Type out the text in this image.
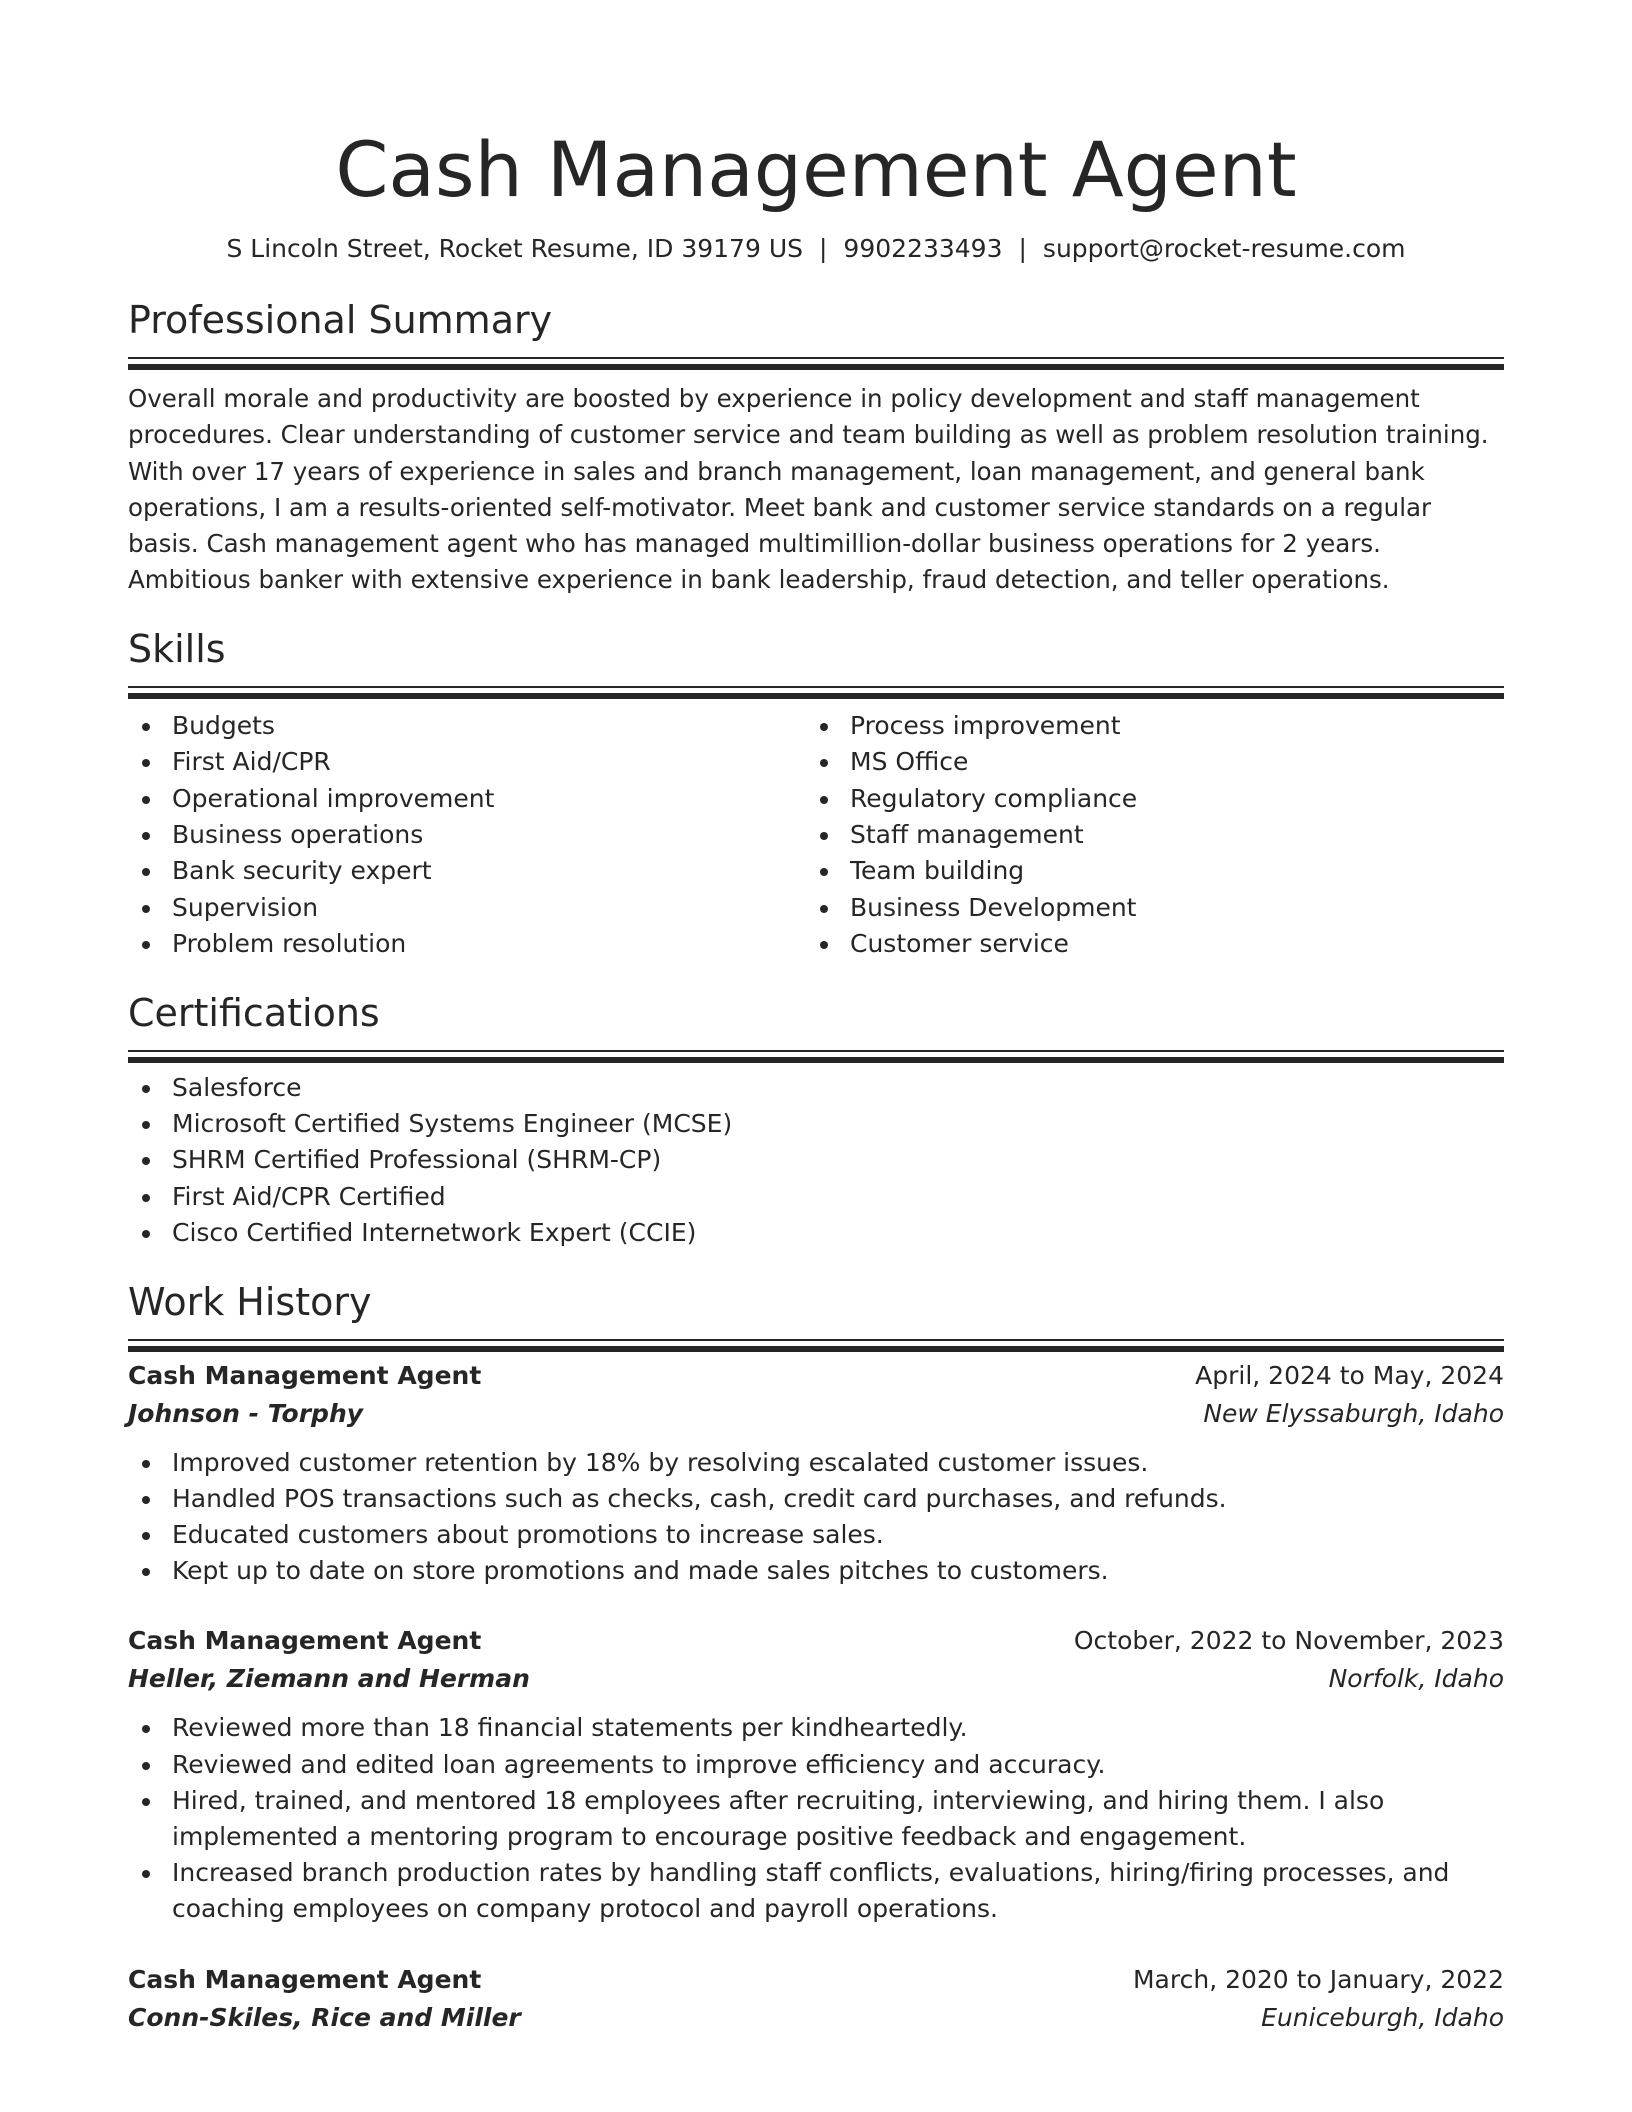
Cash Management Agent
S Lincoln Street, Rocket Resume, ID 39179 US | 9902233493 | support@rocket-resume.com
Professional Summary

Overall morale and productivity are boosted by experience in policy development and staff management procedures. Clear understanding of customer service and team building as well as problem resolution training. With over 17 years of experience in sales and branch management, loan management, and general bank operations, I am a results-oriented self-motivator. Meet bank and customer service standards on a regular basis. Cash management agent who has managed multimillion-dollar business operations for 2 years. Ambitious banker with extensive experience in bank leadership, fraud detection, and teller operations.

Skills
Budgets
First Aid/CPR
Operational improvement
Business operations
Bank security expert
Supervision
Problem resolution
Process improvement
MS Office
Regulatory compliance
Staff management
Team building
Business Development
Customer service
Certifications
Salesforce
Microsoft Certified Systems Engineer (MCSE)
SHRM Certified Professional (SHRM-CP)
First Aid/CPR Certified
Cisco Certified Internetwork Expert (CCIE)
Work History
Cash Management Agent	April, 2024 to May, 2024
Johnson - Torphy	New Elyssaburgh, Idaho
Improved customer retention by 18% by resolving escalated customer issues.
Handled POS transactions such as checks, cash, credit card purchases, and refunds.
Educated customers about promotions to increase sales.
Kept up to date on store promotions and made sales pitches to customers.
Cash Management Agent	October, 2022 to November, 2023
Heller, Ziemann and Herman	Norfolk, Idaho
Reviewed more than 18 financial statements per kindheartedly.
Reviewed and edited loan agreements to improve efficiency and accuracy.
Hired, trained, and mentored 18 employees after recruiting, interviewing, and hiring them. I also implemented a mentoring program to encourage positive feedback and engagement.
Increased branch production rates by handling staff conflicts, evaluations, hiring/firing processes, and coaching employees on company protocol and payroll operations.
Cash Management Agent	March, 2020 to January, 2022
Conn-Skiles, Rice and Miller	Euniceburgh, Idaho
